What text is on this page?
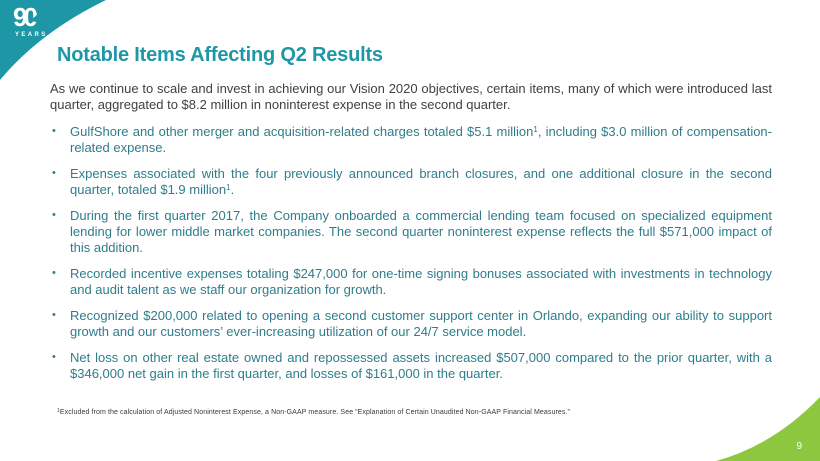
90
YEARS
Notable Items Affecting Q2 Results

As we continue to scale and invest in achieving our Vision 2020 objectives, certain items, many of which were introduced last quarter, aggregated to $8.2 million in noninterest expense in the second quarter.

• GulfShore and other merger and acquisition-related charges totaled $5.1 million$^1$, including $3.0 million of compensation-related expense.
• Expenses associated with the four previously announced branch closures, and one additional closure in the second quarter, totaled $1.9 million$^1$.
• During the first quarter 2017, the Company onboarded a commercial lending team focused on specialized equipment lending for lower middle market companies. The second quarter noninterest expense reflects the full $571,000 impact of this addition.
• Recorded incentive expenses totaling $247,000 for one-time signing bonuses associated with investments in technology and audit talent as we staff our organization for growth.
• Recognized $200,000 related to opening a second customer support center in Orlando, expanding our ability to support growth and our customers’ ever-increasing utilization of our 24/7 service model.
• Net loss on other real estate owned and repossessed assets increased $507,000 compared to the prior quarter, with a $346,000 net gain in the first quarter, and losses of $161,000 in the quarter.
$^1$Excluded from the calculation of Adjusted Noninterest Expense, a Non-GAAP measure. See “Explanation of Certain Unaudited Non-GAAP Financial Measures.”
9
